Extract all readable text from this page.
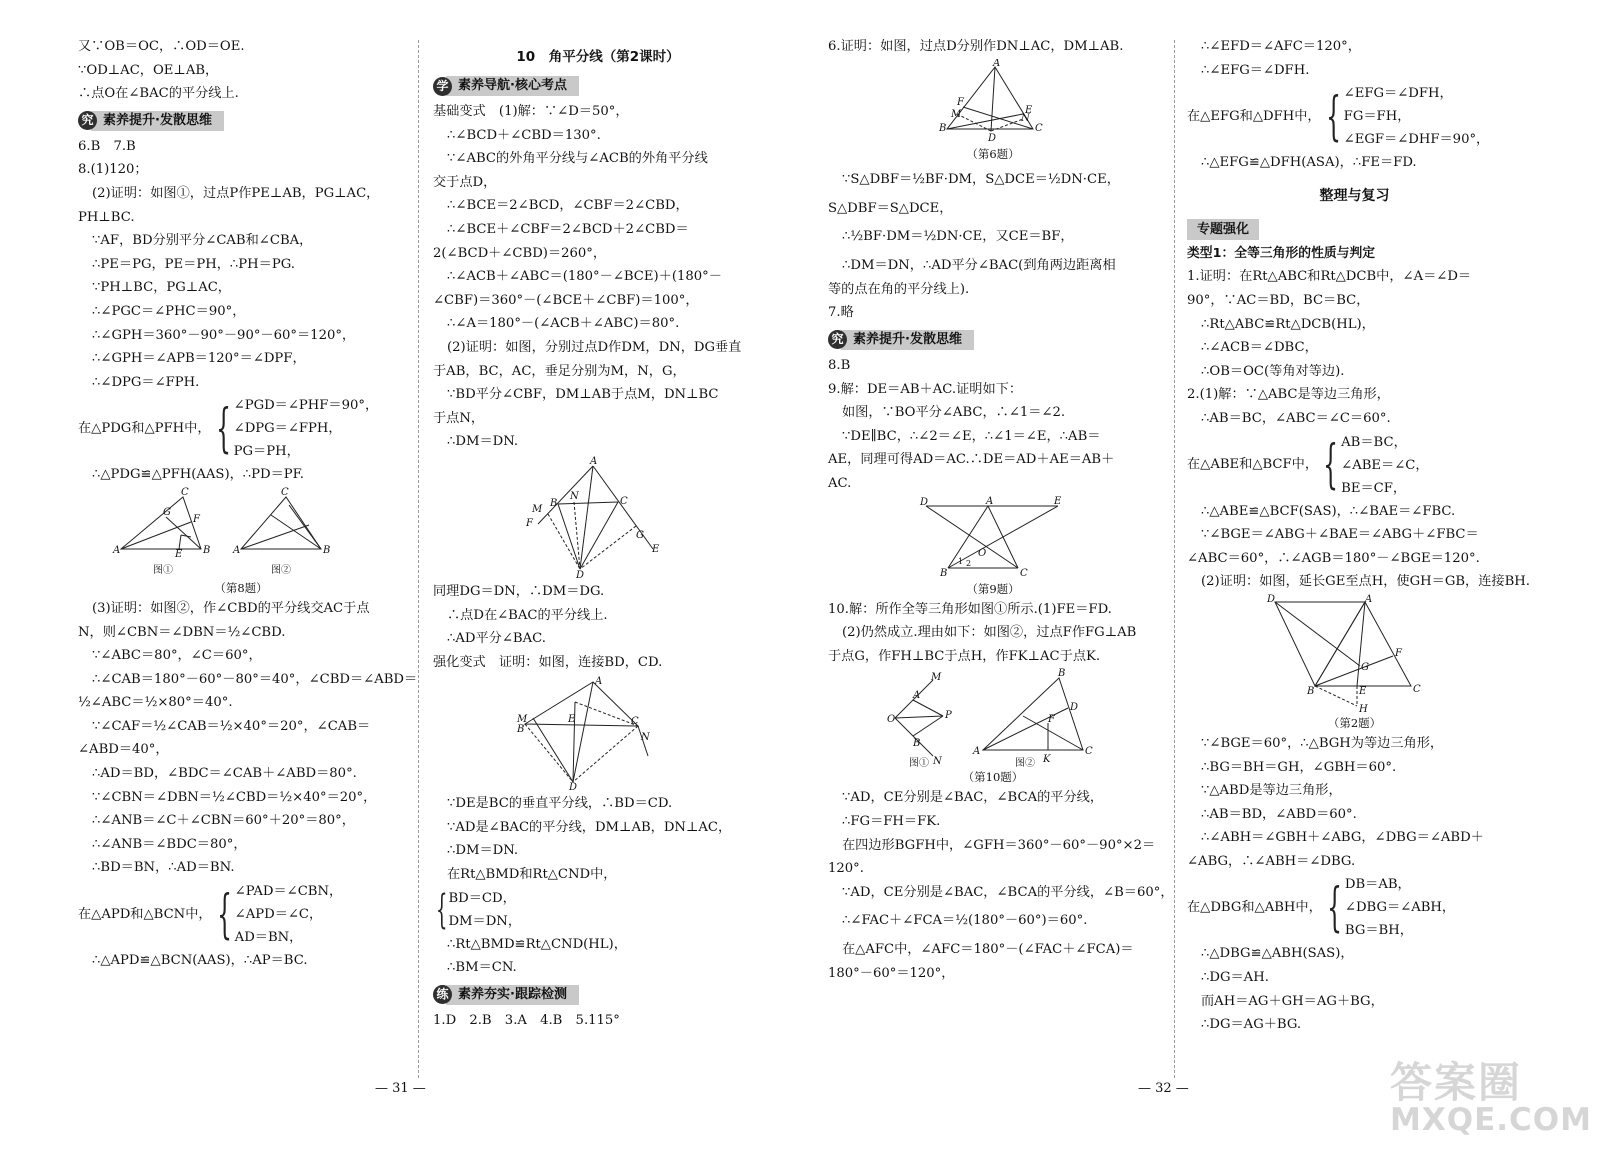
又∵OB＝OC，∴OD＝OE.
∵OD⊥AC，OE⊥AB，
∴点O在∠BAC的平分线上.
究 素养提升·发散思维
6.B　7.B
8.(1)120；
(2)证明：如图①，过点P作PE⊥AB，PG⊥AC，
PH⊥BC.
∵AF，BD分别平分∠CAB和∠CBA，
∴PE＝PG，PE＝PH，∴PH＝PG.
∵PH⊥BC，PG⊥AC，
∴∠PGC＝∠PHC＝90°，
∴∠GPH＝360°－90°－90°－60°＝120°，
∴∠GPH＝∠APB＝120°＝∠DPF，
∴∠DPG＝∠FPH.
在△PDG和△PFH中， { ∠PGD＝∠PHF＝90°，
∠DPG＝∠FPH，
PG＝PH，
∴△PDG≌△PFH(AAS)，∴PD＝PF.
A	B
C
G
F
E	A	B
C
图①	图②
（第8题）
(3)证明：如图②，作∠CBD的平分线交AC于点
N，则∠CBN＝∠DBN＝½∠CBD.
∵∠ABC＝80°，∠C＝60°，
∴∠CAB＝180°－60°－80°＝40°，∠CBD＝∠ABD＝
½∠ABC＝½×80°＝40°.
∵∠CAF＝½∠CAB＝½×40°＝20°，∠CAB＝
∠ABD＝40°，
∴AD＝BD，∠BDC＝∠CAB＋∠ABD＝80°.
∵∠CBN＝∠DBN＝½∠CBD＝½×40°＝20°，
∴∠ANB＝∠C＋∠CBN＝60°＋20°＝80°，
∴∠ANB＝∠BDC＝80°，
∴BD＝BN，∴AD＝BN.
在△APD和△BCN中， { ∠PAD＝∠CBN，
∠APD＝∠C，
AD＝BN，
∴△APD≌△BCN(AAS)，∴AP＝BC.
10　角平分线（第2课时）
学 素养导航·核心考点
基础变式　(1)解：∵∠D＝50°，
∴∠BCD＋∠CBD＝130°.
∵∠ABC的外角平分线与∠ACB的外角平分线
交于点D，
∴∠BCE＝2∠BCD，∠CBF＝2∠CBD，
∴∠BCE＋∠CBF＝2∠BCD＋2∠CBD＝
2(∠BCD＋∠CBD)＝260°，
∴∠ACB＋∠ABC＝(180°－∠BCE)＋(180°－
∠CBF)＝360°－(∠BCE＋∠CBF)＝100°，
∴∠A＝180°－(∠ACB＋∠ABC)＝80°.
(2)证明：如图，分别过点D作DM，DN，DG垂直
于AB，BC，AC，垂足分别为M，N，G，
∵BD平分∠CBF，DM⊥AB于点M，DN⊥BC
于点N，
∴DM＝DN.
A
M
F
B
N	C
G
E
D
同理DG＝DN，∴DM＝DG.
∴点D在∠BAC的平分线上.
∴AD平分∠BAC.
强化变式　证明：如图，连接BD，CD.
A
M
B
E	C
N
D
∵DE是BC的垂直平分线，∴BD＝CD.
∵AD是∠BAC的平分线，DM⊥AB，DN⊥AC，
∴DM＝DN.
在Rt△BMD和Rt△CND中，
{ BD＝CD，
DM＝DN，
∴Rt△BMD≌Rt△CND(HL)，
∴BM＝CN.
练 素养夯实·跟踪检测
1.D　2.B　3.A　4.B　5.115°
6.证明：如图，过点D分别作DN⊥AC，DM⊥AB.
A
B	C
F
M	E
N
D
（第6题）
∵S△DBF＝½BF·DM，S△DCE＝½DN·CE，
S△DBF＝S△DCE，
∴½BF·DM＝½DN·CE，又CE＝BF，
∴DM＝DN，∴AD平分∠BAC(到角两边距离相
等的点在角的平分线上).
7.略
究 素养提升·发散思维
8.B
9.解：DE＝AB＋AC.证明如下：
如图，∵BO平分∠ABC，∴∠1＝∠2.
∵DE∥BC，∴∠2＝∠E，∴∠1＝∠E，∴AB＝
AE，同理可得AD＝AC.∴DE＝AD＋AE＝AB＋
AC.
D	A	E
B	C
O
1 2
（第9题）
10.解：所作全等三角形如图①所示.(1)FE＝FD.
(2)仍然成立.理由如下：如图②，过点F作FG⊥AB
于点G，作FH⊥BC于点H，作FK⊥AC于点K.
O
M
P
N
A
B
A	C
B
K
D
F
图①	图②
（第10题）
∵AD，CE分别是∠BAC，∠BCA的平分线，
∴FG＝FH＝FK.
在四边形BGFH中，∠GFH＝360°－60°－90°×2＝
120°.
∵AD，CE分别是∠BAC，∠BCA的平分线，∠B＝60°，
∴∠FAC＋∠FCA＝½(180°－60°)＝60°.
在△AFC中，∠AFC＝180°－(∠FAC＋∠FCA)＝
180°－60°＝120°，
∴∠EFD＝∠AFC＝120°，
∴∠EFG＝∠DFH.
在△EFG和△DFH中， { ∠EFG＝∠DFH，
FG＝FH，
∠EGF＝∠DHF＝90°，
∴△EFG≌△DFH(ASA)，∴FE＝FD.
整理与复习
专题强化
类型1：全等三角形的性质与判定
1.证明：在Rt△ABC和Rt△DCB中，∠A＝∠D＝
90°，∵AC＝BD，BC＝BC，
∴Rt△ABC≌Rt△DCB(HL)，
∴∠ACB＝∠DBC，
∴OB＝OC(等角对等边).
2.(1)解：∵△ABC是等边三角形，
∴AB＝BC，∠ABC＝∠C＝60°.
在△ABE和△BCF中， { AB＝BC，
∠ABE＝∠C，
BE＝CF，
∴△ABE≌△BCF(SAS)，∴∠BAE＝∠FBC.
∵∠BGE＝∠ABG＋∠BAE＝∠ABG＋∠FBC＝
∠ABC＝60°，∴∠AGB＝180°－∠BGE＝120°.
(2)证明：如图，延长GE至点H，使GH＝GB，连接BH.
D	A
B	C
F
G
E
H
（第2题）
∵∠BGE＝60°，∴△BGH为等边三角形，
∴BG＝BH＝GH，∠GBH＝60°.
∵△ABD是等边三角形，
∴AB＝BD，∠ABD＝60°.
∴∠ABH＝∠GBH＋∠ABG，∠DBG＝∠ABD＋
∠ABG，∴∠ABH＝∠DBG.
在△DBG和△ABH中， { DB＝AB，
∠DBG＝∠ABH，
BG＝BH，
∴△DBG≌△ABH(SAS)，
∴DG＝AH.
而AH＝AG＋GH＝AG＋BG，
∴DG＝AG＋BG.
— 31 —	— 32 —	答案圈
MXQE.COM
